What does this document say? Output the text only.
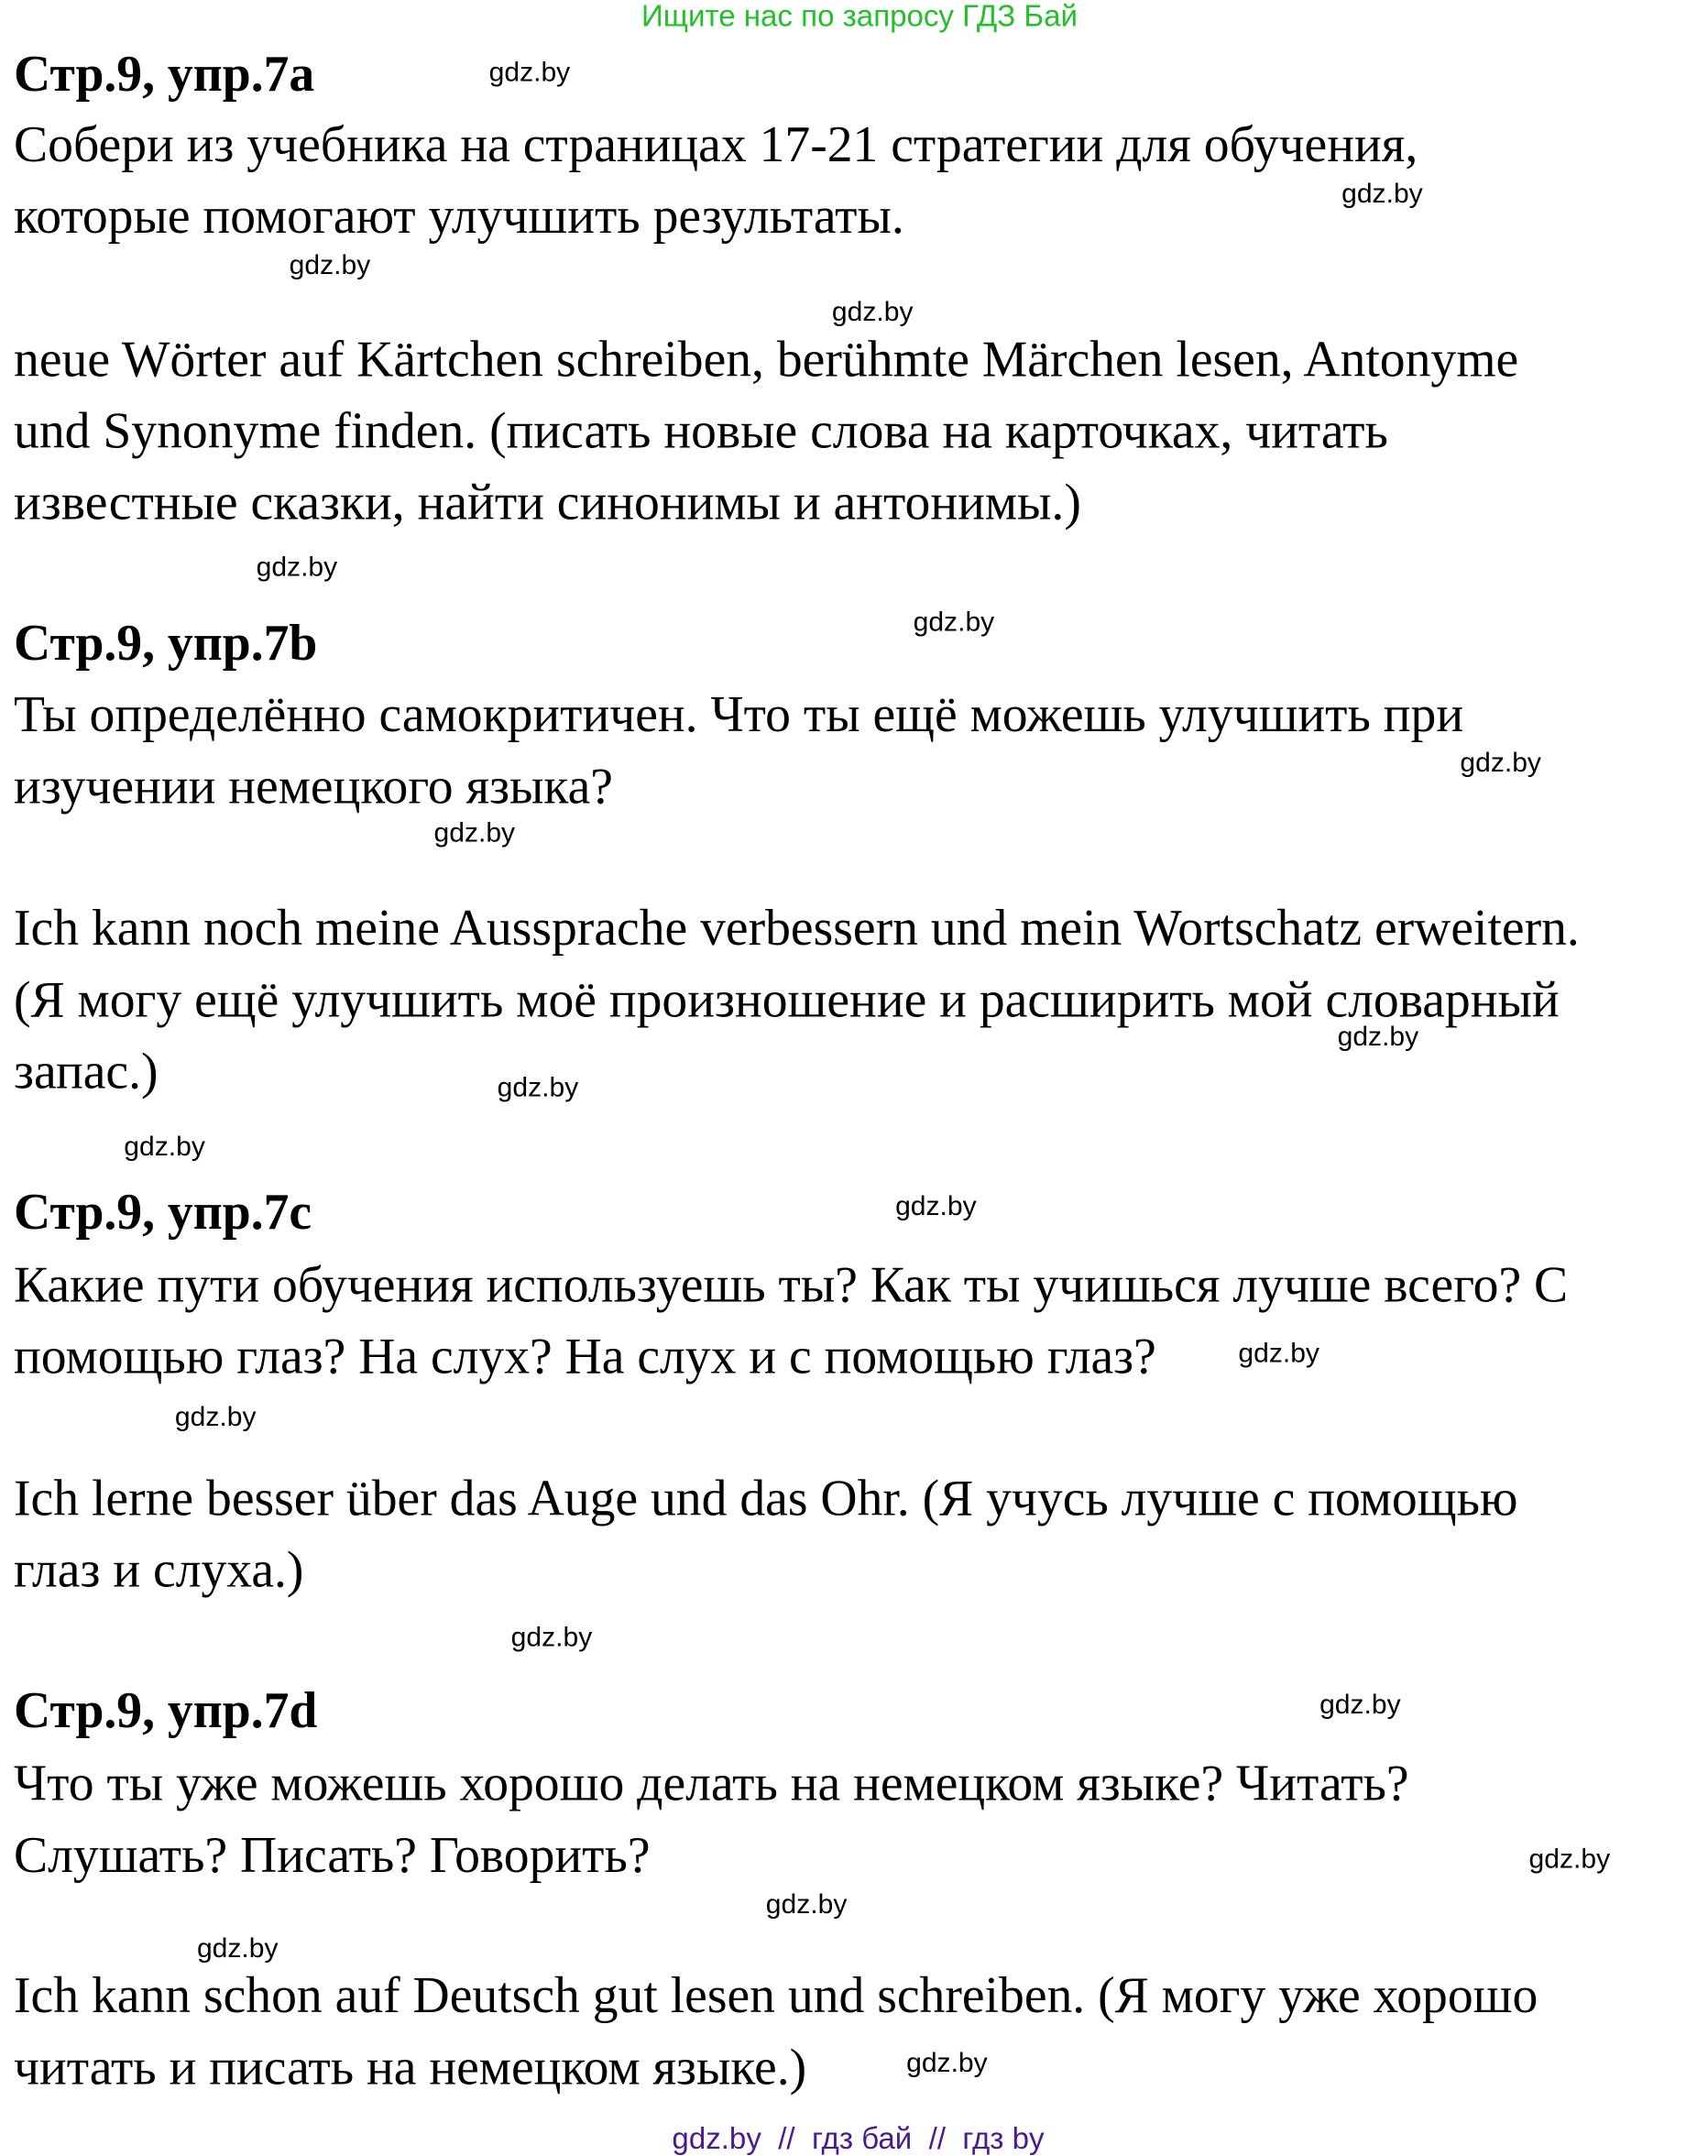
Ищите нас по запросу ГДЗ Бай
Стр.9, упр.7a
Собери из учебника на страницах 17-21 стратегии для обучения,
которые помогают улучшить результаты.
neue Wörter auf Kärtchen schreiben, berühmte Märchen lesen, Antonyme
und Synonyme finden. (писать новые слова на карточках, читать
известные сказки, найти синонимы и антонимы.)
Стр.9, упр.7b
Ты определённо самокритичен. Что ты ещё можешь улучшить при
изучении немецкого языка?
Ich kann noch meine Aussprache verbessern und mein Wortschatz erweitern.
(Я могу ещё улучшить моё произношение и расширить мой словарный
запас.)
Стр.9, упр.7c
Какие пути обучения используешь ты? Как ты учишься лучше всего? С
помощью глаз? На слух? На слух и с помощью глаз?
Ich lerne besser über das Auge und das Ohr. (Я учусь лучше с помощью
глаз и слуха.)
Стр.9, упр.7d
Что ты уже можешь хорошо делать на немецком языке? Читать?
Слушать? Писать? Говорить?
Ich kann schon auf Deutsch gut lesen und schreiben. (Я могу уже хорошо
читать и писать на немецком языке.)
gdz.by
gdz.by
gdz.by
gdz.by
gdz.by
gdz.by
gdz.by
gdz.by
gdz.by
gdz.by
gdz.by
gdz.by
gdz.by
gdz.by
gdz.by
gdz.by
gdz.by
gdz.by
gdz.by
gdz.by
gdz.by  //  гдз бай  //  гдз by
